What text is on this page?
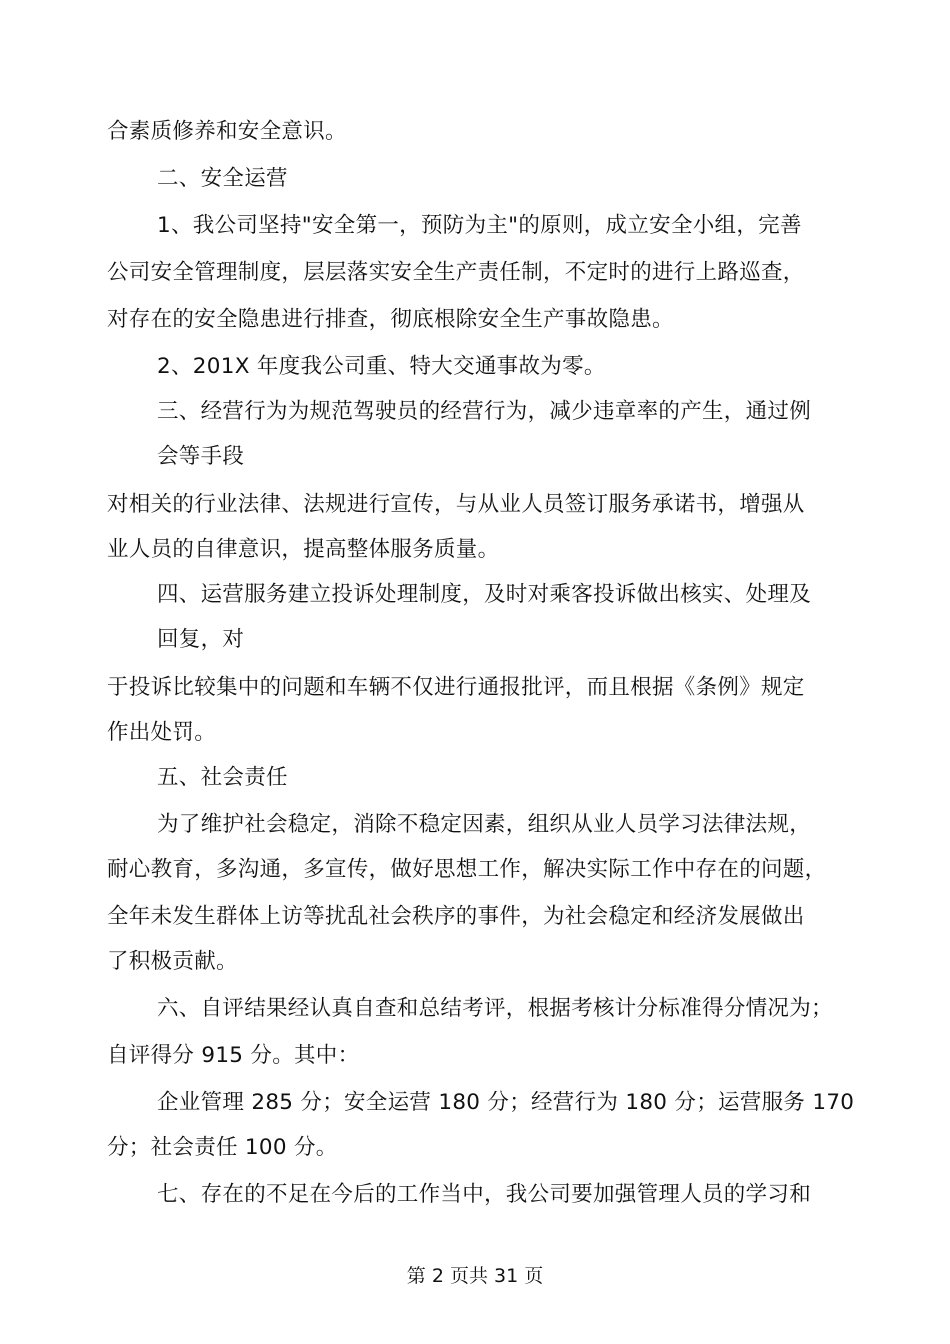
合素质修养和安全意识。
二、安全运营
1、我公司坚持"安全第一，预防为主"的原则，成立安全小组，完善
公司安全管理制度，层层落实安全生产责任制，不定时的进行上路巡查，
对存在的安全隐患进行排查，彻底根除安全生产事故隐患。
2、201X 年度我公司重、特大交通事故为零。
三、经营行为为规范驾驶员的经营行为，减少违章率的产生，通过例
会等手段
对相关的行业法律、法规进行宣传，与从业人员签订服务承诺书，增强从
业人员的自律意识，提高整体服务质量。
四、运营服务建立投诉处理制度，及时对乘客投诉做出核实、处理及
回复，对
于投诉比较集中的问题和车辆不仅进行通报批评，而且根据《条例》规定
作出处罚。
五、社会责任
为了维护社会稳定，消除不稳定因素，组织从业人员学习法律法规，
耐心教育，多沟通，多宣传，做好思想工作，解决实际工作中存在的问题，
全年未发生群体上访等扰乱社会秩序的事件，为社会稳定和经济发展做出
了积极贡献。
六、自评结果经认真自查和总结考评，根据考核计分标准得分情况为；
自评得分 915 分。其中：
企业管理 285 分；安全运营 180 分；经营行为 180 分；运营服务 170
分；社会责任 100 分。
七、存在的不足在今后的工作当中，我公司要加强管理人员的学习和
第 2 页共 31 页
